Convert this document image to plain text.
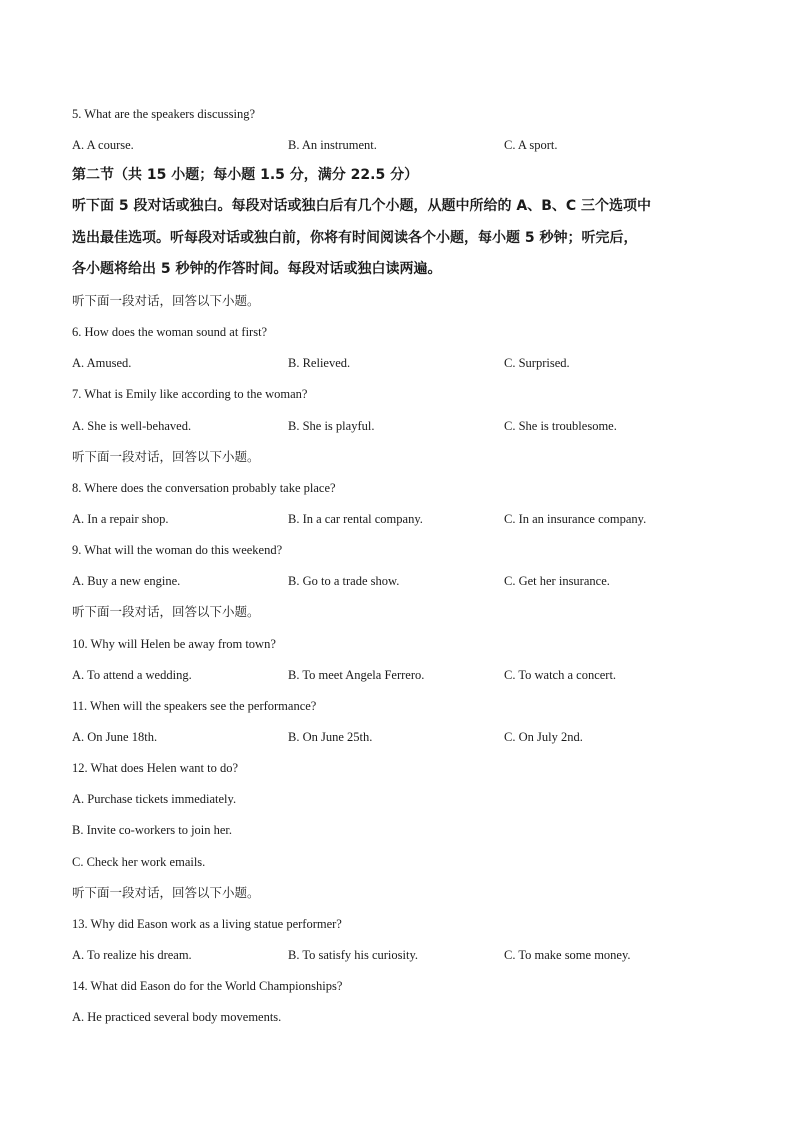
5. What are the speakers discussing?
A. A course.	B. An instrument.	C. A sport.
第二节（共 15 小题；每小题 1.5 分，满分 22.5 分）
听下面 5 段对话或独白。每段对话或独白后有几个小题，从题中所给的 A、B、C 三个选项中
选出最佳选项。听每段对话或独白前，你将有时间阅读各个小题，每小题 5 秒钟；听完后，
各小题将给出 5 秒钟的作答时间。每段对话或独白读两遍。
听下面一段对话，回答以下小题。
6. How does the woman sound at first?
A. Amused.	B. Relieved.	C. Surprised.
7. What is Emily like according to the woman?
A. She is well-behaved.	B. She is playful.	C. She is troublesome.
听下面一段对话，回答以下小题。
8. Where does the conversation probably take place?
A. In a repair shop.	B. In a car rental company.	C. In an insurance company.
9. What will the woman do this weekend?
A. Buy a new engine.	B. Go to a trade show.	C. Get her insurance.
听下面一段对话，回答以下小题。
10. Why will Helen be away from town?
A. To attend a wedding.	B. To meet Angela Ferrero.	C. To watch a concert.
11. When will the speakers see the performance?
A. On June 18th.	B. On June 25th.	C. On July 2nd.
12. What does Helen want to do?
A. Purchase tickets immediately.
B. Invite co-workers to join her.
C. Check her work emails.
听下面一段对话，回答以下小题。
13. Why did Eason work as a living statue performer?
A. To realize his dream.	B. To satisfy his curiosity.	C. To make some money.
14. What did Eason do for the World Championships?
A. He practiced several body movements.
